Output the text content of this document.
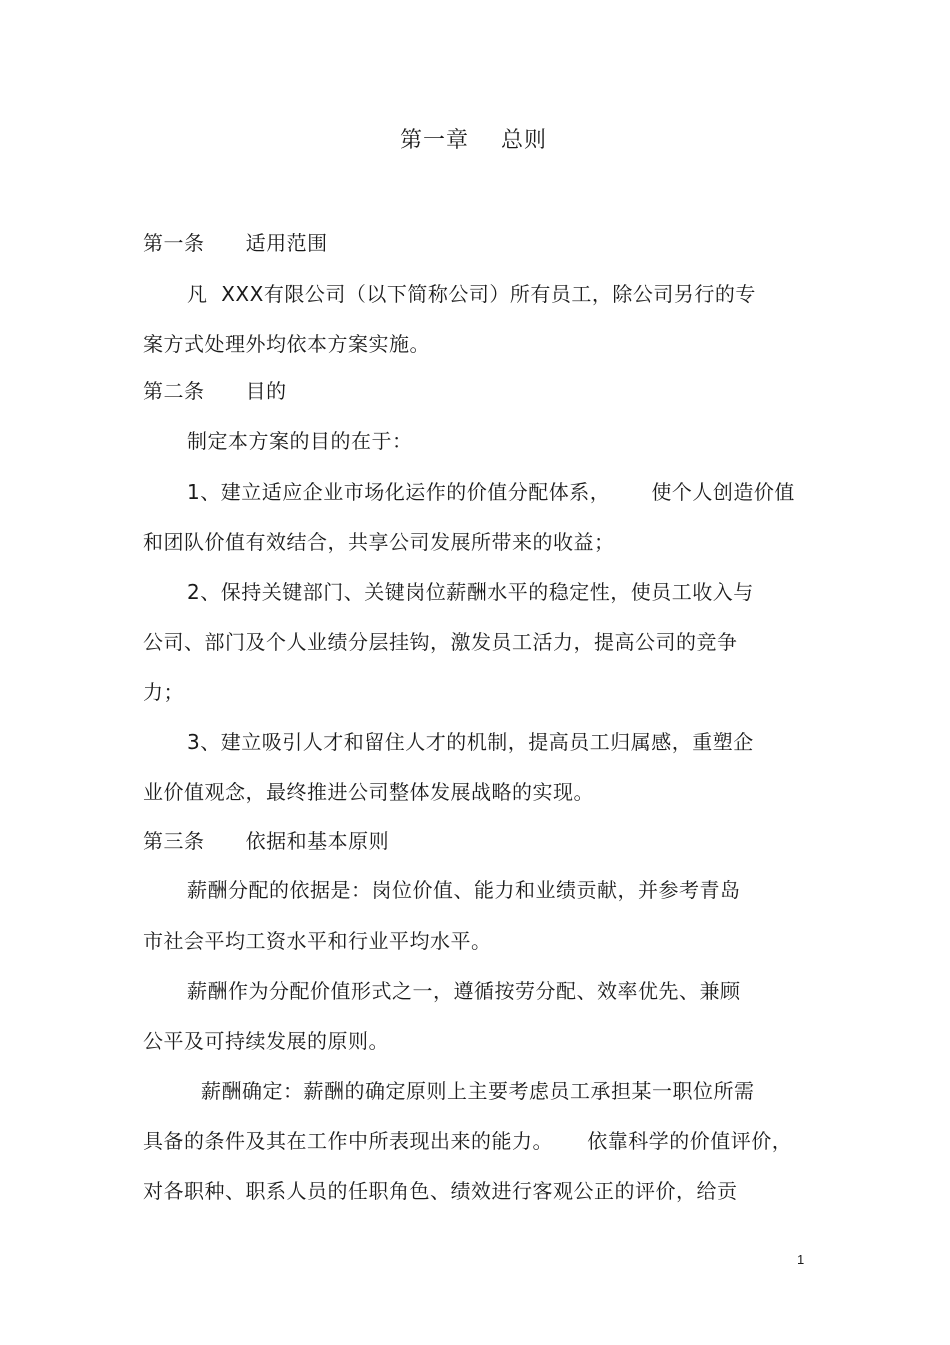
第一章    总则

第一条      适用范围

凡  XXX有限公司（以下简称公司）所有员工，除公司另行的专

案方式处理外均依本方案实施。

第二条      目的

制定本方案的目的在于：

1、建立适应企业市场化运作的价值分配体系，      使个人创造价值

和团队价值有效结合，共享公司发展所带来的收益；

2、保持关键部门、关键岗位薪酬水平的稳定性，使员工收入与

公司、部门及个人业绩分层挂钩，激发员工活力，提高公司的竞争

力；

3、建立吸引人才和留住人才的机制，提高员工归属感，重塑企

业价值观念，最终推进公司整体发展战略的实现。

第三条      依据和基本原则

薪酬分配的依据是：岗位价值、能力和业绩贡献，并参考青岛

市社会平均工资水平和行业平均水平。

薪酬作为分配价值形式之一，遵循按劳分配、效率优先、兼顾

公平及可持续发展的原则。

薪酬确定：薪酬的确定原则上主要考虑员工承担某一职位所需

具备的条件及其在工作中所表现出来的能力。     依靠科学的价值评价，

对各职种、职系人员的任职角色、绩效进行客观公正的评价，给贡

1
